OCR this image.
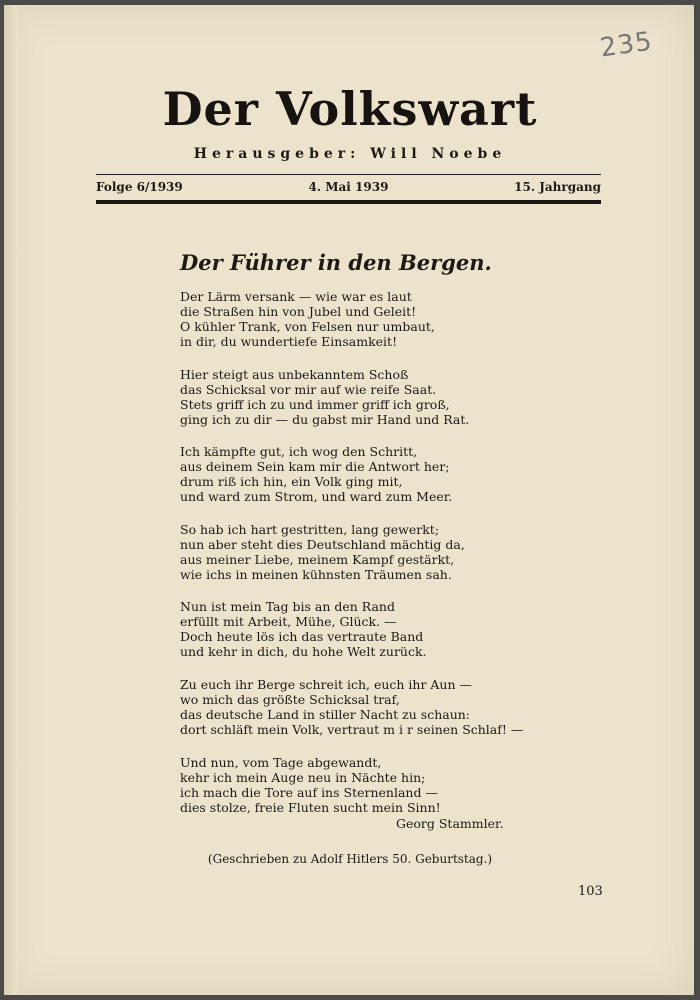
235
Der Volkswart
Herausgeber: Will Noebe
Folge 6/1939	4. Mai 1939	15. Jahrgang
Der Führer in den Bergen.
Der Lärm versank — wie war es laut
die Straßen hin von Jubel und Geleit!
O kühler Trank, von Felsen nur umbaut,
in dir, du wundertiefe Einsamkeit!
Hier steigt aus unbekanntem Schoß
das Schicksal vor mir auf wie reife Saat.
Stets griff ich zu und immer griff ich groß,
ging ich zu dir — du gabst mir Hand und Rat.
Ich kämpfte gut, ich wog den Schritt,
aus deinem Sein kam mir die Antwort her;
drum riß ich hin, ein Volk ging mit,
und ward zum Strom, und ward zum Meer.
So hab ich hart gestritten, lang gewerkt;
nun aber steht dies Deutschland mächtig da,
aus meiner Liebe, meinem Kampf gestärkt,
wie ichs in meinen kühnsten Träumen sah.
Nun ist mein Tag bis an den Rand
erfüllt mit Arbeit, Mühe, Glück. —
Doch heute lös ich das vertraute Band
und kehr in dich, du hohe Welt zurück.
Zu euch ihr Berge schreit ich, euch ihr Aun —
wo mich das größte Schicksal traf,
das deutsche Land in stiller Nacht zu schaun:
dort schläft mein Volk, vertraut m i r seinen Schlaf! —
Und nun, vom Tage abgewandt,
kehr ich mein Auge neu in Nächte hin;
ich mach die Tore auf ins Sternenland —
dies stolze, freie Fluten sucht mein Sinn!
Georg Stammler.
(Geschrieben zu Adolf Hitlers 50. Geburtstag.)
103
